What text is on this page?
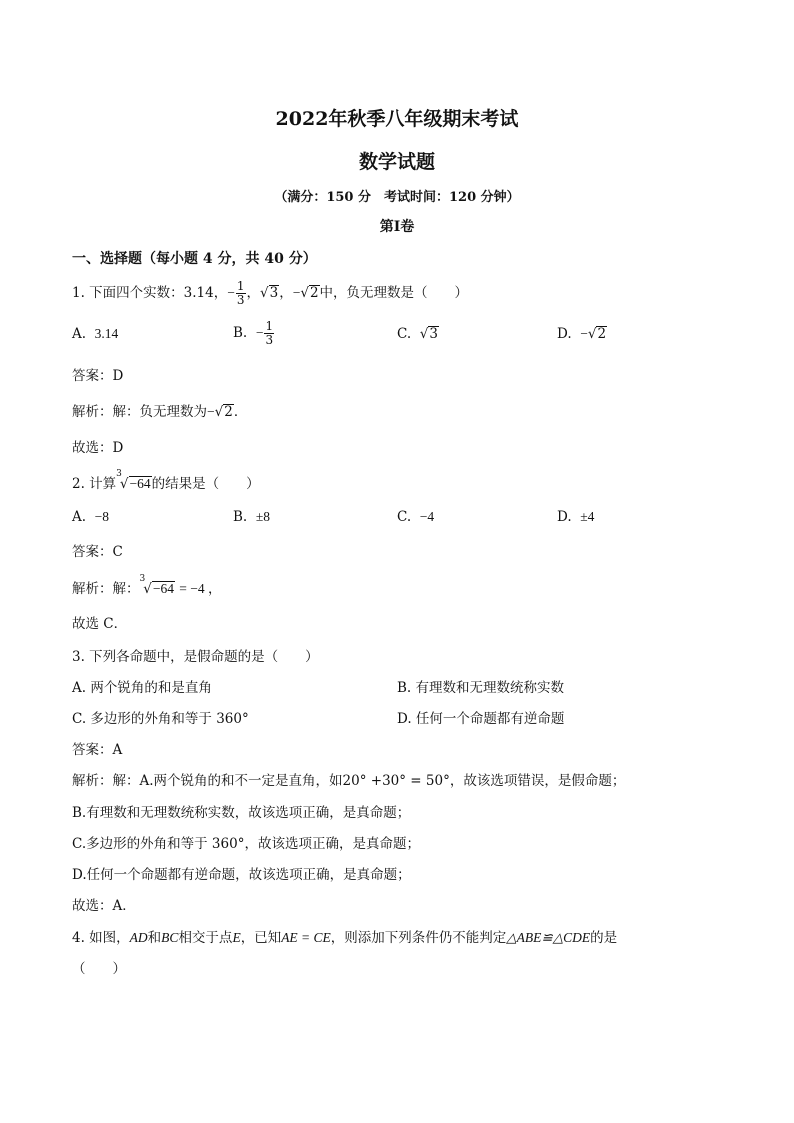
2022年秋季八年级期末考试
数学试题
（满分：150 分　考试时间：120 分钟）
第Ⅰ卷
一、选择题（每小题 4 分，共 40 分）
1. 下面四个实数：3.14，− $\frac{1}{3}$ ，√3，−√2中，负无理数是（　　）
A. 3.14	B. − $\frac{1}{3}$	C. √3	D. −√2
答案：D
解析：解：负无理数为−√2．
故选：D
2. 计算$^3$√−64的结果是（　　）
A. −8	B. ±8	C. −4	D. ±4
答案：C
解析：解：$^3$√−64 = −4 ，
故选 C．
3. 下列各命题中，是假命题的是（　　）
A. 两个锐角的和是直角	B. 有理数和无理数统称实数
C. 多边形的外角和等于 360°	D. 任何一个命题都有逆命题
答案：A
解析：解：A.两个锐角的和不一定是直角，如20° +30° = 50°，故该选项错误，是假命题；
B.有理数和无理数统称实数，故该选项正确，是真命题；
C.多边形的外角和等于 360°，故该选项正确，是真命题；
D.任何一个命题都有逆命题，故该选项正确，是真命题；
故选：A．
4. 如图，AD和BC相交于点E，已知AE = CE，则添加下列条件仍不能判定△ABE≌△CDE的是
（　　）
